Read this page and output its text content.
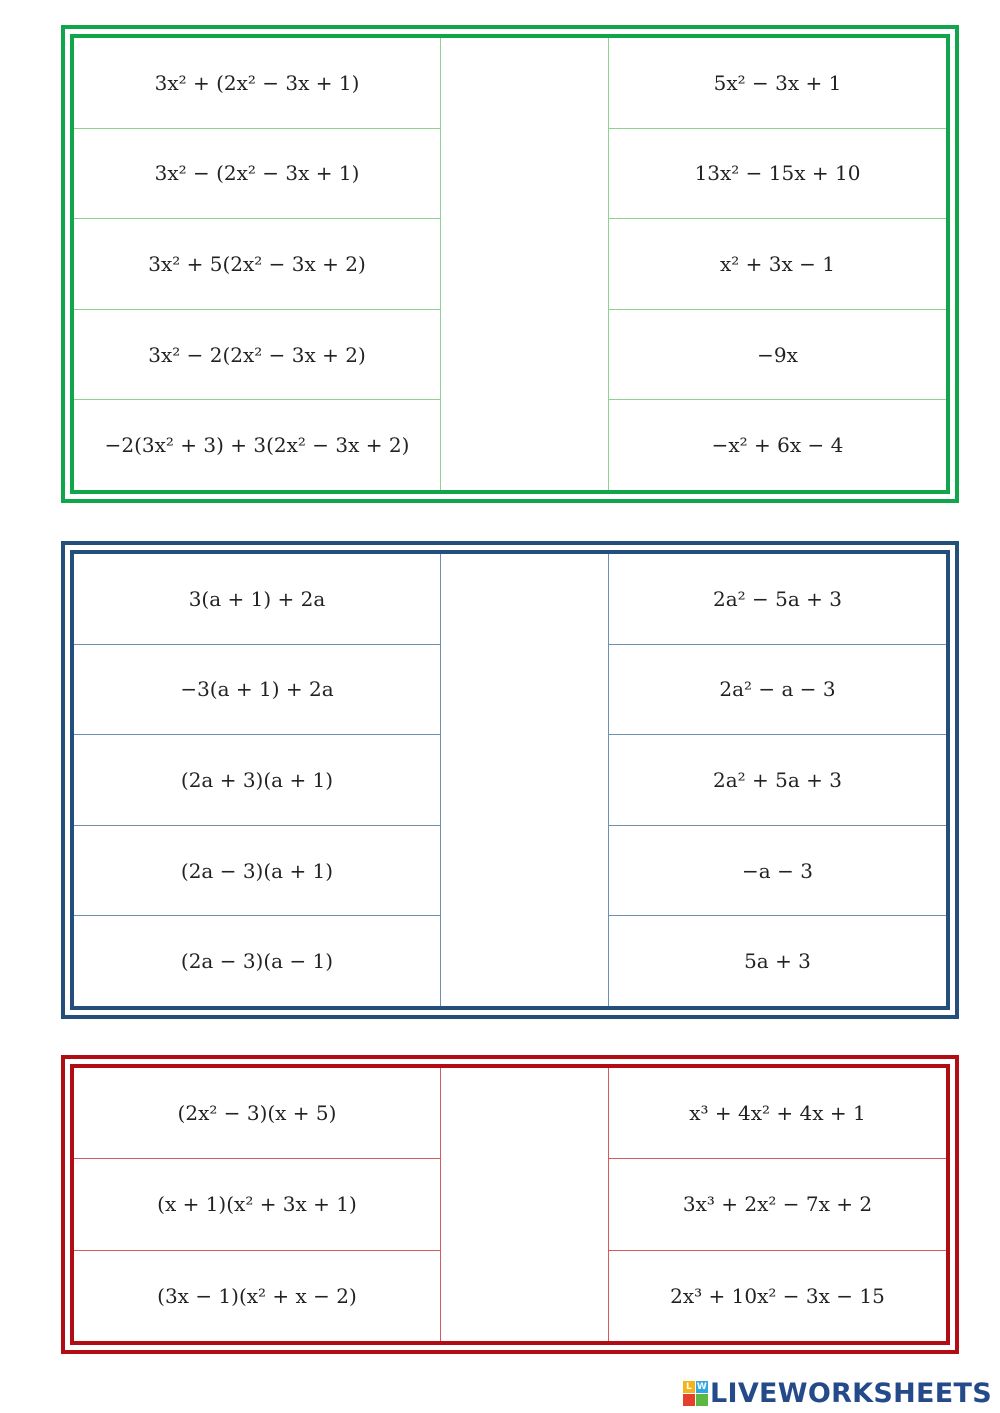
3x² + (2x² − 3x + 1)
3x² − (2x² − 3x + 1)
3x² + 5(2x² − 3x + 2)
3x² − 2(2x² − 3x + 2)
−2(3x² + 3) + 3(2x² − 3x + 2)
5x² − 3x + 1
13x² − 15x + 10
x² + 3x − 1
−9x
−x² + 6x − 4
3(a + 1) + 2a
−3(a + 1) + 2a
(2a + 3)(a + 1)
(2a − 3)(a + 1)
(2a − 3)(a − 1)
2a² − 5a + 3
2a² − a − 3
2a² + 5a + 3
−a − 3
5a + 3
(2x² − 3)(x + 5)
(x + 1)(x² + 3x + 1)
(3x − 1)(x² + x − 2)
x³ + 4x² + 4x + 1
3x³ + 2x² − 7x + 2
2x³ + 10x² − 3x − 15
L W LIVEWORKSHEETS
